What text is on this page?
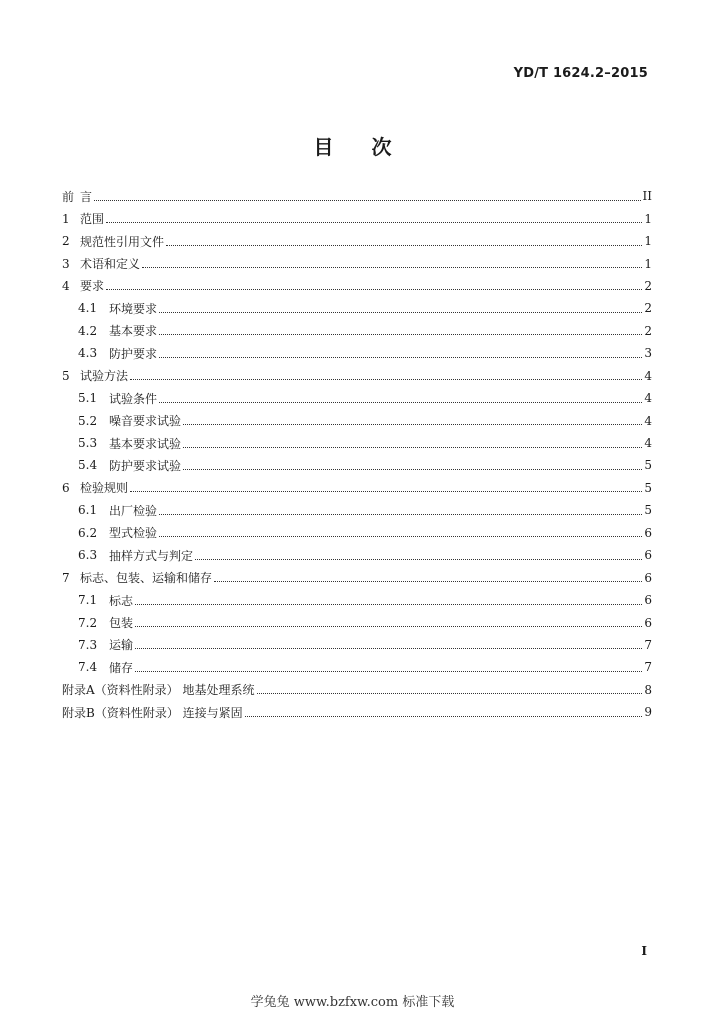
YD/T 1624.2–2015
目 次
前 言	II
1 范围	1
2 规范性引用文件	1
3 术语和定义	1
4 要求	2
4.1 环境要求	2
4.2 基本要求	2
4.3 防护要求	3
5 试验方法	4
5.1 试验条件	4
5.2 噪音要求试验	4
5.3 基本要求试验	4
5.4 防护要求试验	5
6 检验规则	5
6.1 出厂检验	5
6.2 型式检验	6
6.3 抽样方式与判定	6
7 标志、包装、运输和储存	6
7.1 标志	6
7.2 包装	6
7.3 运输	7
7.4 储存	7
附录 A（资料性附录） 地基处理系统	8
附录 B（资料性附录） 连接与紧固	9
I
学兔兔 www.bzfxw.com 标准下载
